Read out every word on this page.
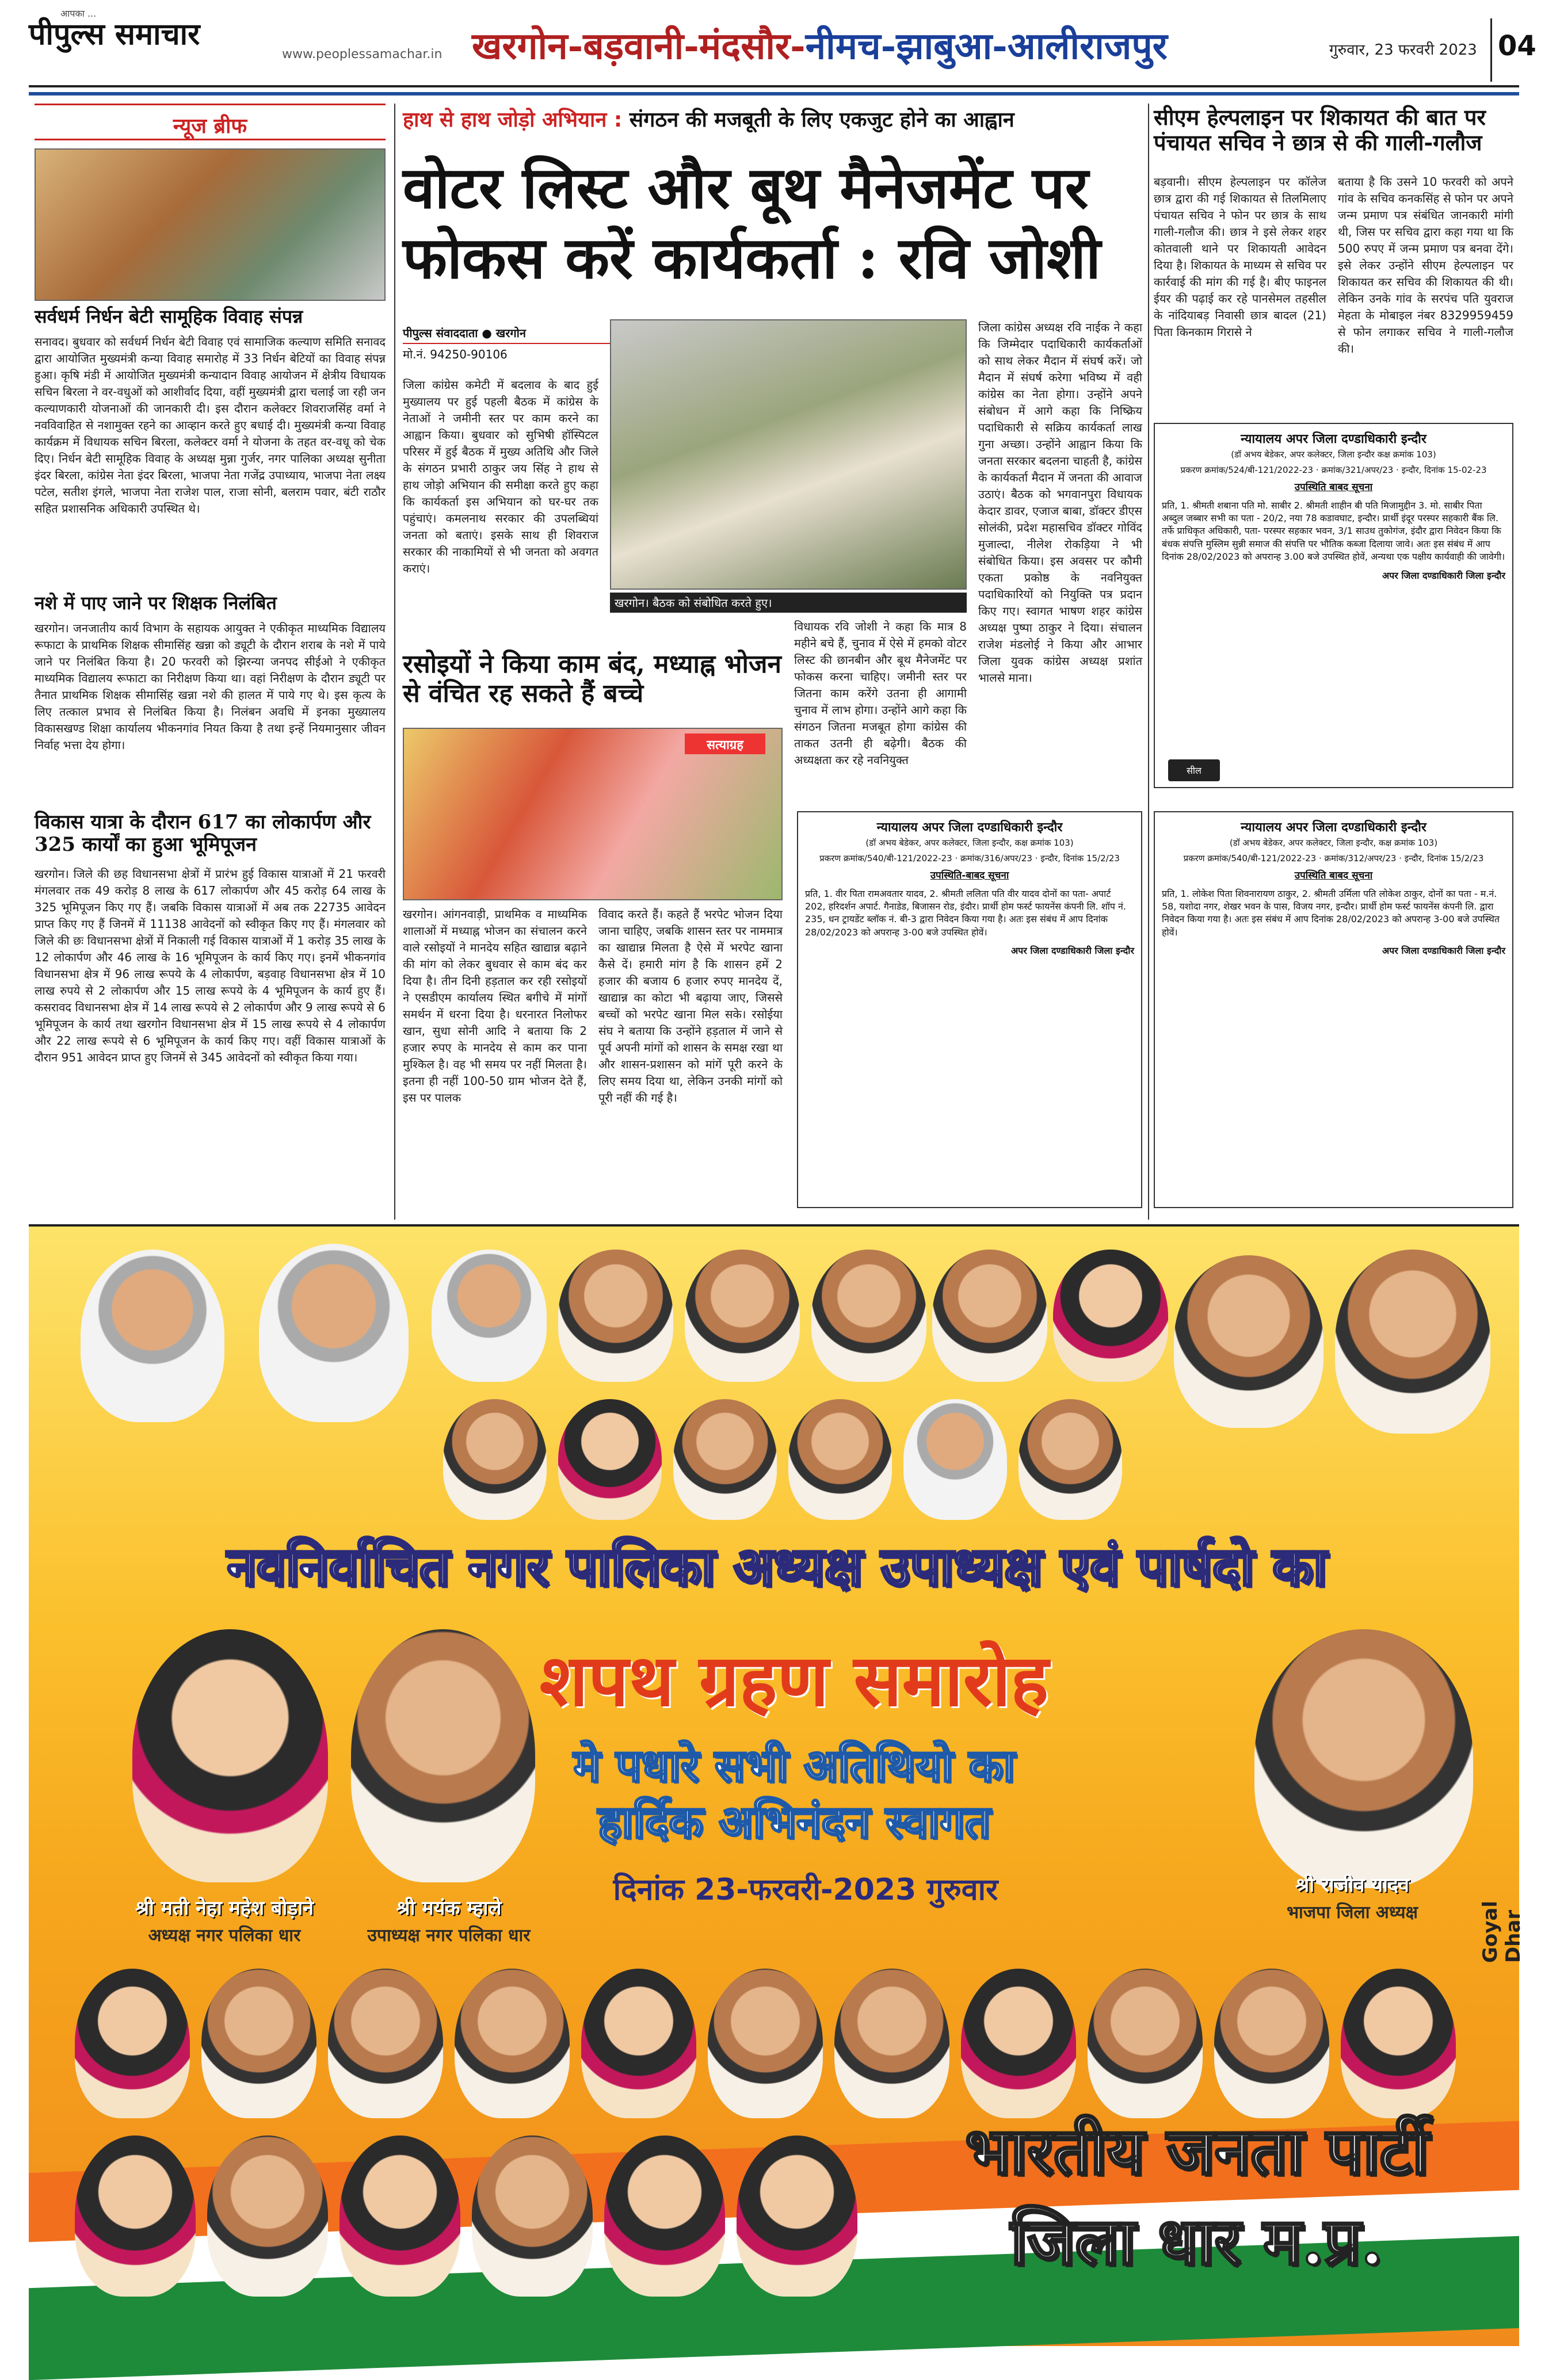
आपका ...
पीपुल्स समाचार
www.peoplessamachar.in खरगोन-बड़वानी-मंदसौर-नीमच-झाबुआ-आलीराजपुर	गुरुवार, 23 फरवरी 2023 04
न्यूज ब्रीफ
सर्वधर्म निर्धन बेटी सामूहिक विवाह संपन्न
सनावद। बुधवार को सर्वधर्म निर्धन बेटी विवाह एवं सामाजिक कल्याण समिति सनावद द्वारा आयोजित मुख्यमंत्री कन्या विवाह समारोह में 33 निर्धन बेटियों का विवाह संपन्न हुआ। कृषि मंडी में आयोजित मुख्यमंत्री कन्यादान विवाह आयोजन में क्षेत्रीय विधायक सचिन बिरला ने वर-वधुओं को आशीर्वाद दिया, वहीं मुख्यमंत्री द्वारा चलाई जा रही जन कल्याणकारी योजनाओं की जानकारी दी। इस दौरान कलेक्टर शिवराजसिंह वर्मा ने नवविवाहित से नशामुक्त रहने का आव्हान करते हुए बधाई दी। मुख्यमंत्री कन्या विवाह कार्यक्रम में विधायक सचिन बिरला, कलेक्टर वर्मा ने योजना के तहत वर-वधू को चेक दिए। निर्धन बेटी सामूहिक विवाह के अध्यक्ष मुन्ना गुर्जर, नगर पालिका अध्यक्ष सुनीता इंदर बिरला, कांग्रेस नेता इंदर बिरला, भाजपा नेता गजेंद्र उपाध्याय, भाजपा नेता लक्ष्य पटेल, सतीश इंगले, भाजपा नेता राजेश पाल, राजा सोनी, बलराम पवार, बंटी राठौर सहित प्रशासनिक अधिकारी उपस्थित थे।
नशे में पाए जाने पर शिक्षक निलंबित
खरगोन। जनजातीय कार्य विभाग के सहायक आयुक्त ने एकीकृत माध्यमिक विद्यालय रूफाटा के प्राथमिक शिक्षक सीमासिंह खन्ना को ड्यूटी के दौरान शराब के नशे में पाये जाने पर निलंबित किया है। 20 फरवरी को झिरन्या जनपद सीईओ ने एकीकृत माध्यमिक विद्यालय रूफाटा का निरीक्षण किया था। वहां निरीक्षण के दौरान ड्यूटी पर तैनात प्राथमिक शिक्षक सीमासिंह खन्ना नशे की हालत में पाये गए थे। इस कृत्य के लिए तत्काल प्रभाव से निलंबित किया है। निलंबन अवधि में इनका मुख्यालय विकासखण्ड शिक्षा कार्यालय भीकनगांव नियत किया है तथा इन्हें नियमानुसार जीवन निर्वाह भत्ता देय होगा।
विकास यात्रा के दौरान 617 का लोकार्पण और 325 कार्यों का हुआ भूमिपूजन
खरगोन। जिले की छह विधानसभा क्षेत्रों में प्रारंभ हुई विकास यात्राओं में 21 फरवरी मंगलवार तक 49 करोड़ 8 लाख के 617 लोकार्पण और 45 करोड़ 64 लाख के 325 भूमिपूजन किए गए हैं। जबकि विकास यात्राओं में अब तक 22735 आवेदन प्राप्त किए गए हैं जिनमें में 11138 आवेदनों को स्वीकृत किए गए हैं। मंगलवार को जिले की छः विधानसभा क्षेत्रों में निकाली गई विकास यात्राओं में 1 करोड़ 35 लाख के 12 लोकार्पण और 46 लाख के 16 भूमिपूजन के कार्य किए गए। इनमें भीकनगांव विधानसभा क्षेत्र में 96 लाख रूपये के 4 लोकार्पण, बड़वाह विधानसभा क्षेत्र में 10 लाख रुपये से 2 लोकार्पण और 15 लाख रूपये के 4 भूमिपूजन के कार्य हुए हैं। कसरावद विधानसभा क्षेत्र में 14 लाख रूपये से 2 लोकार्पण और 9 लाख रूपये से 6 भूमिपूजन के कार्य तथा खरगोन विधानसभा क्षेत्र में 15 लाख रूपये से 4 लोकार्पण और 22 लाख रूपये से 6 भूमिपूजन के कार्य किए गए। वहीं विकास यात्राओं के दौरान 951 आवेदन प्राप्त हुए जिनमें से 345 आवेदनों को स्वीकृत किया गया।
हाथ से हाथ जोड़ो अभियान : संगठन की मजबूती के लिए एकजुट होने का आह्वान
वोटर लिस्ट और बूथ मैनेजमेंट पर फोकस करें कार्यकर्ता : रवि जोशी
पीपुल्स संवाददाता ● खरगोन
मो.नं. 94250-90106
जिला कांग्रेस कमेटी में बदलाव के बाद हुई मुख्यालय पर हुई पहली बैठक में कांग्रेस के नेताओं ने जमीनी स्तर पर काम करने का आह्वान किया। बुधवार को सुभिषी हॉस्पिटल परिसर में हुई बैठक में मुख्य अतिथि और जिले के संगठन प्रभारी ठाकुर जय सिंह ने हाथ से हाथ जोड़ो अभियान की समीक्षा करते हुए कहा कि कार्यकर्ता इस अभियान को घर-घर तक पहुंचाएं। कमलनाथ सरकार की उपलब्धियां जनता को बताएं। इसके साथ ही शिवराज सरकार की नाकामियों से भी जनता को अवगत कराएं।
खरगोन। बैठक को संबोधित करते हुए।
विधायक रवि जोशी ने कहा कि मात्र 8 महीने बचे हैं, चुनाव में ऐसे में हमको वोटर लिस्ट की छानबीन और बूथ मैनेजमेंट पर फोकस करना चाहिए। जमीनी स्तर पर जितना काम करेंगे उतना ही आगामी चुनाव में लाभ होगा। उन्होंने आगे कहा कि संगठन जितना मजबूत होगा कांग्रेस की ताकत उतनी ही बढ़ेगी। बैठक की अध्यक्षता कर रहे नवनियुक्त
जिला कांग्रेस अध्यक्ष रवि नाईक ने कहा कि जिम्मेदार पदाधिकारी कार्यकर्ताओं को साथ लेकर मैदान में संघर्ष करें। जो मैदान में संघर्ष करेगा भविष्य में वही कांग्रेस का नेता होगा। उन्होंने अपने संबोधन में आगे कहा कि निष्क्रिय पदाधिकारी से सक्रिय कार्यकर्ता लाख गुना अच्छा। उन्होंने आह्वान किया कि जनता सरकार बदलना चाहती है, कांग्रेस के कार्यकर्ता मैदान में जनता की आवाज उठाएं। बैठक को भगवानपुरा विधायक केदार डावर, एजाज बाबा, डॉक्टर डीएस सोलंकी, प्रदेश महासचिव डॉक्टर गोविंद मुजाल्दा, नीलेश रोकड़िया ने भी संबोधित किया। इस अवसर पर कौमी एकता प्रकोष्ठ के नवनियुक्त पदाधिकारियों को नियुक्ति पत्र प्रदान किए गए। स्वागत भाषण शहर कांग्रेस अध्यक्ष पुष्पा ठाकुर ने दिया। संचालन राजेश मंडलोई ने किया और आभार जिला युवक कांग्रेस अध्यक्ष प्रशांत भालसे माना।
रसोइयों ने किया काम बंद, मध्याह्न भोजन से वंचित रह सकते हैं बच्चे
सत्याग्रह
खरगोन। आंगनवाड़ी, प्राथमिक व माध्यमिक शालाओं में मध्याह्न भोजन का संचालन करने वाले रसोइयों ने मानदेय सहित खाद्यान्न बढ़ाने की मांग को लेकर बुधवार से काम बंद कर दिया है। तीन दिनी हड़ताल कर रही रसोइयों ने एसडीएम कार्यालय स्थित बगीचे में मांगों समर्थन में धरना दिया है। धरनारत निलोफर खान, सुधा सोनी आदि ने बताया कि 2 हजार रुपए के मानदेय से काम कर पाना मुश्किल है। वह भी समय पर नहीं मिलता है। इतना ही नहीं 100-50 ग्राम भोजन देते हैं, इस पर पालक
विवाद करते हैं। कहते हैं भरपेट भोजन दिया जाना चाहिए, जबकि शासन स्तर पर नाममात्र का खाद्यान्न मिलता है ऐसे में भरपेट खाना कैसे दें। हमारी मांग है कि शासन हमें 2 हजार की बजाय 6 हजार रुपए मानदेय दें, खाद्यान्न का कोटा भी बढ़ाया जाए, जिससे बच्चों को भरपेट खाना मिल सके। रसोईया संघ ने बताया कि उन्होंने हड़ताल में जाने से पूर्व अपनी मांगों को शासन के समक्ष रखा था और शासन-प्रशासन को मांगें पूरी करने के लिए समय दिया था, लेकिन उनकी मांगों को पूरी नहीं की गई है।
न्यायालय अपर जिला दण्डाधिकारी इन्दौर
(डॉ अभय बेडेकर, अपर कलेक्टर, जिला इन्दौर, कक्ष क्रमांक 103)
प्रकरण क्रमांक/540/बी-121/2022-23 · क्रमांक/316/अपर/23 · इन्दौर, दिनांक 15/2/23
उपस्थिति-बाबद सूचना
प्रति, 1. वीर पिता रामअवतार यादव, 2. श्रीमती ललिता पति वीर यादव दोनों का पता- अपार्ट 202, हरिदर्शन अपार्ट. गैनाडेड, बिजासन रोड, इंदौर। प्रार्थी होम फर्स्ट फायनेंस कंपनी लि. शॉप नं. 235, धन ट्रायडेंट ब्लॉक नं. बी-3 द्वारा निवेदन किया गया है। अतः इस संबंध में आप दिनांक 28/02/2023 को अपरान्ह 3-00 बजे उपस्थित होवें।
अपर जिला दण्डाधिकारी जिला इन्दौर
सीएम हेल्पलाइन पर शिकायत की बात पर पंचायत सचिव ने छात्र से की गाली-गलौज
बड़वानी। सीएम हेल्पलाइन पर कॉलेज छात्र द्वारा की गई शिकायत से तिलमिलाए पंचायत सचिव ने फोन पर छात्र के साथ गाली-गलौज की। छात्र ने इसे लेकर शहर कोतवाली थाने पर शिकायती आवेदन दिया है। शिकायत के माध्यम से सचिव पर कार्रवाई की मांग की गई है। बीए फाइनल ईयर की पढ़ाई कर रहे पानसेमल तहसील के नांदियाबड़ निवासी छात्र बादल (21) पिता किनकाम गिरासे ने
बताया है कि उसने 10 फरवरी को अपने गांव के सचिव कनकसिंह से फोन पर अपने जन्म प्रमाण पत्र संबंधित जानकारी मांगी थी, जिस पर सचिव द्वारा कहा गया था कि 500 रुपए में जन्म प्रमाण पत्र बनवा देंगे। इसे लेकर उन्होंने सीएम हेल्पलाइन पर शिकायत कर सचिव की शिकायत की थी। लेकिन उनके गांव के सरपंच पति युवराज मेहता के मोबाइल नंबर 8329959459 से फोन लगाकर सचिव ने गाली-गलौज की।
न्यायालय अपर जिला दण्डाधिकारी इन्दौर
(डॉ अभय बेडेकर, अपर कलेक्टर, जिला इन्दौर कक्ष क्रमांक 103)
प्रकरण क्रमांक/524/बी-121/2022-23 · क्रमांक/321/अपर/23 · इन्दौर, दिनांक 15-02-23
उपस्थिति बाबद सूचना
प्रति, 1. श्रीमती शबाना पति मो. साबीर 2. श्रीमती शाहीन बी पति मिजामुद्दीन 3. मो. साबीर पिता अब्दुल जब्बार सभी का पता - 20/2, नया 78 कडावघाट, इन्दौर। प्रार्थी इंदूर परस्पर सहकारी बैंक लि. तर्फे प्राधिकृत अधिकारी, पता- परस्पर सहकार भवन, 3/1 साउथ तुकोगंज, इंदौर द्वारा निवेदन किया कि बंधक संपत्ति मुस्लिम सुन्नी समाज की संपत्ति पर भौतिक कब्जा दिलाया जावे। अतः इस संबंध में आप दिनांक 28/02/2023 को अपरान्ह 3.00 बजे उपस्थित होवें, अन्यथा एक पक्षीय कार्यवाही की जावेगी।
अपर जिला दण्डाधिकारी जिला इन्दौर
सील
न्यायालय अपर जिला दण्डाधिकारी इन्दौर
(डॉ अभय बेडेकर, अपर कलेक्टर, जिला इन्दौर, कक्ष क्रमांक 103)
प्रकरण क्रमांक/540/बी-121/2022-23 · क्रमांक/312/अपर/23 · इन्दौर, दिनांक 15/2/23
उपस्थिति बाबद सूचना
प्रति, 1. लोकेश पिता शिवनारायण ठाकुर, 2. श्रीमती उर्मिला पति लोकेश ठाकुर, दोनों का पता - म.नं. 58, यशोदा नगर, शेखर भवन के पास, विजय नगर, इन्दौर। प्रार्थी होम फर्स्ट फायनेंस कंपनी लि. द्वारा निवेदन किया गया है। अतः इस संबंध में आप दिनांक 28/02/2023 को अपरान्ह 3-00 बजे उपस्थित होवें।
अपर जिला दण्डाधिकारी जिला इन्दौर
नवनिर्वाचित नगर पालिका अध्यक्ष उपाध्यक्ष एवं पार्षदो का
शपथ ग्रहण समारोह
मे पधारे सभी अतिथियो का
हार्दिक अभिनंदन स्वागत
दिनांक 23-फरवरी-2023 गुरुवार
श्री मती नेहा महेश बोड़ाने
अध्यक्ष नगर पलिका धार
श्री मयंक म्हाले
उपाध्यक्ष नगर पलिका धार
श्री राजीव यादव
भाजपा जिला अध्यक्ष	Goyal Dhar
भारतीय जनता पार्टी
जिला धार म.प्र.
